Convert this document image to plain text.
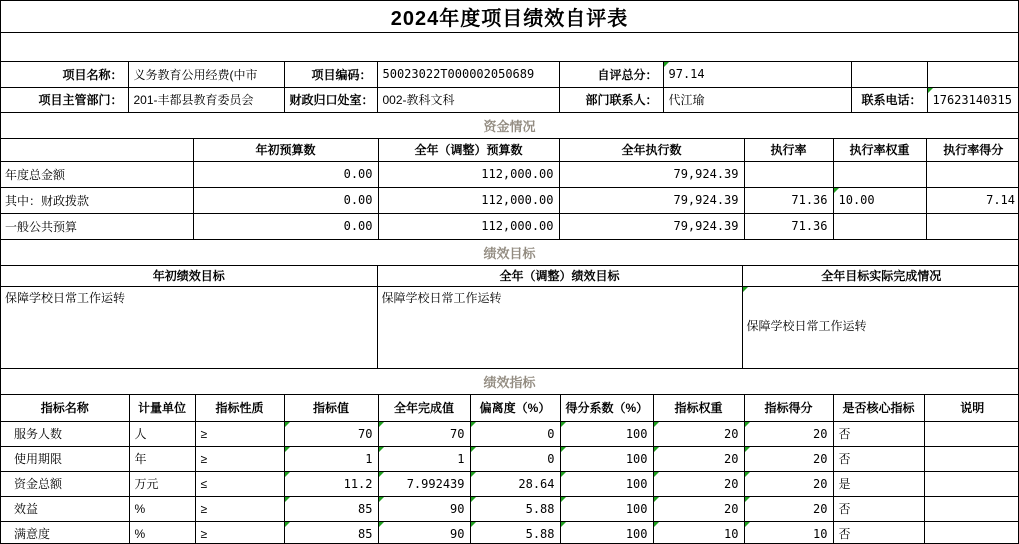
2024年度项目绩效自评表
项目名称：	义务教育公用经费(中市	项目编码：	50023022T000002050689	自评总分：	97.14		
项目主管部门：	201-丰都县教育委员会	财政归口处室：	002-教科文科	部门联系人：	代江瑜	联系电话：	17623140315
资金情况
	年初预算数	全年（调整）预算数	全年执行数	执行率	执行率权重	执行率得分
年度总金额	0.00	112,000.00	79,924.39			
其中：财政拨款	0.00	112,000.00	79,924.39	71.36	10.00	7.14
一般公共预算	0.00	112,000.00	79,924.39	71.36		
绩效目标
年初绩效目标	全年（调整）绩效目标	全年目标实际完成情况
保障学校日常工作运转	保障学校日常工作运转	保障学校日常工作运转
绩效指标
指标名称	计量单位	指标性质	指标值	全年完成值	偏离度（%）	得分系数（%）	指标权重	指标得分	是否核心指标	说明
服务人数	人	≥	70	70	0	100	20	20	否	
使用期限	年	≥	1	1	0	100	20	20	否	
资金总额	万元	≤	11.2	7.992439	28.64	100	20	20	是	
效益	%	≥	85	90	5.88	100	20	20	否	
满意度	%	≥	85	90	5.88	100	10	10	否	
